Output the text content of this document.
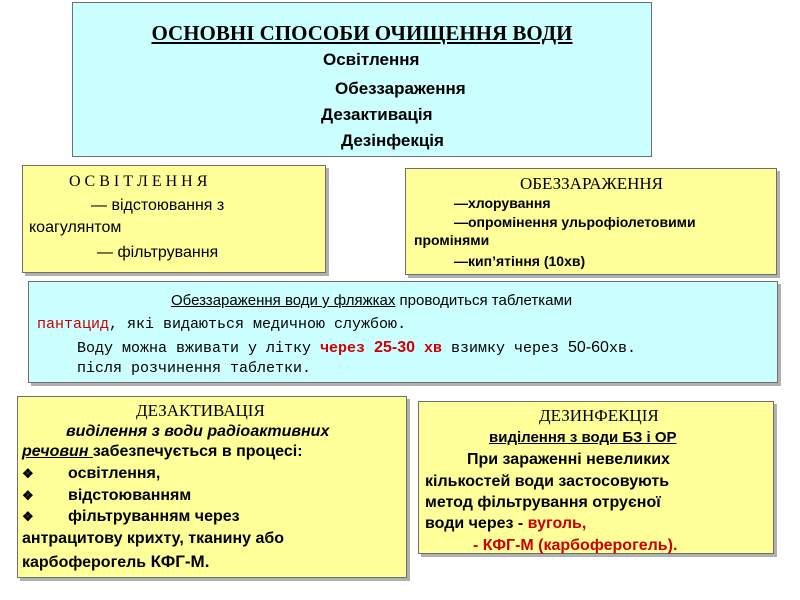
ОСНОВНІ СПОСОБИ ОЧИЩЕННЯ ВОДИ
Освітлення
Обеззараження
Дезактивація
Дезінфекція
О С В І Т Л Е Н Н Я
— відстоювання з
коагулянтом
— фільтрування
ОБЕЗЗАРАЖЕННЯ
—хлорування
—опромінення ульрофіолетовими
промінями
—кип’ятіння (10хв)
Обеззараження води у фляжках проводиться таблетками
пантацид, які видаються медичною службою.
Воду можна вживати у літку через 25-30 хв взимку через 50-60хв.
після розчинення таблетки.
ДЕЗАКТИВАЦІЯ
виділення з води радіоактивних
речовин забезпечується в процесі:
❖ освітлення,
❖ відстоюванням
❖ фільтруванням через
антрацитову крихту, тканину або
карбоферогель КФГ-М.
ДЕЗИНФЕКЦІЯ
виділення з води БЗ і ОР
При зараженні невеликих
кількостей води застосовують
метод фільтрування отруєної
води через - вуголь,
- КФГ-М (карбоферогель).
